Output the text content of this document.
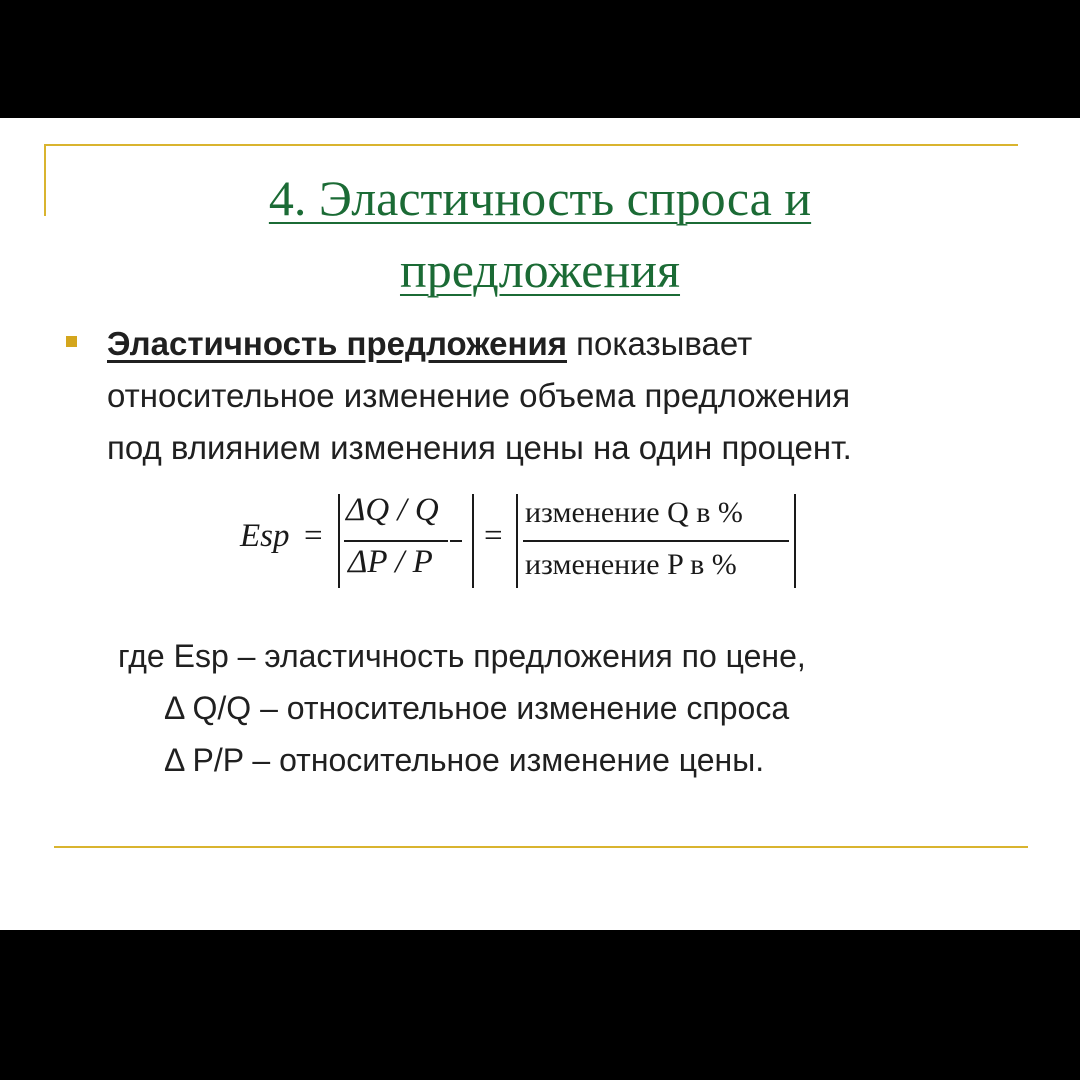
4. Эластичность спроса и
предложения
Эластичность предложения показывает
относительное изменение объема предложения
под влиянием изменения цены на один процент.
Esp =
ΔQ / Q
ΔP / P
=
изменение Q в %
изменение P в %
где Esp – эластичность предложения по цене,
Δ Q/Q – относительное изменение спроса
Δ P/P – относительное изменение цены.
